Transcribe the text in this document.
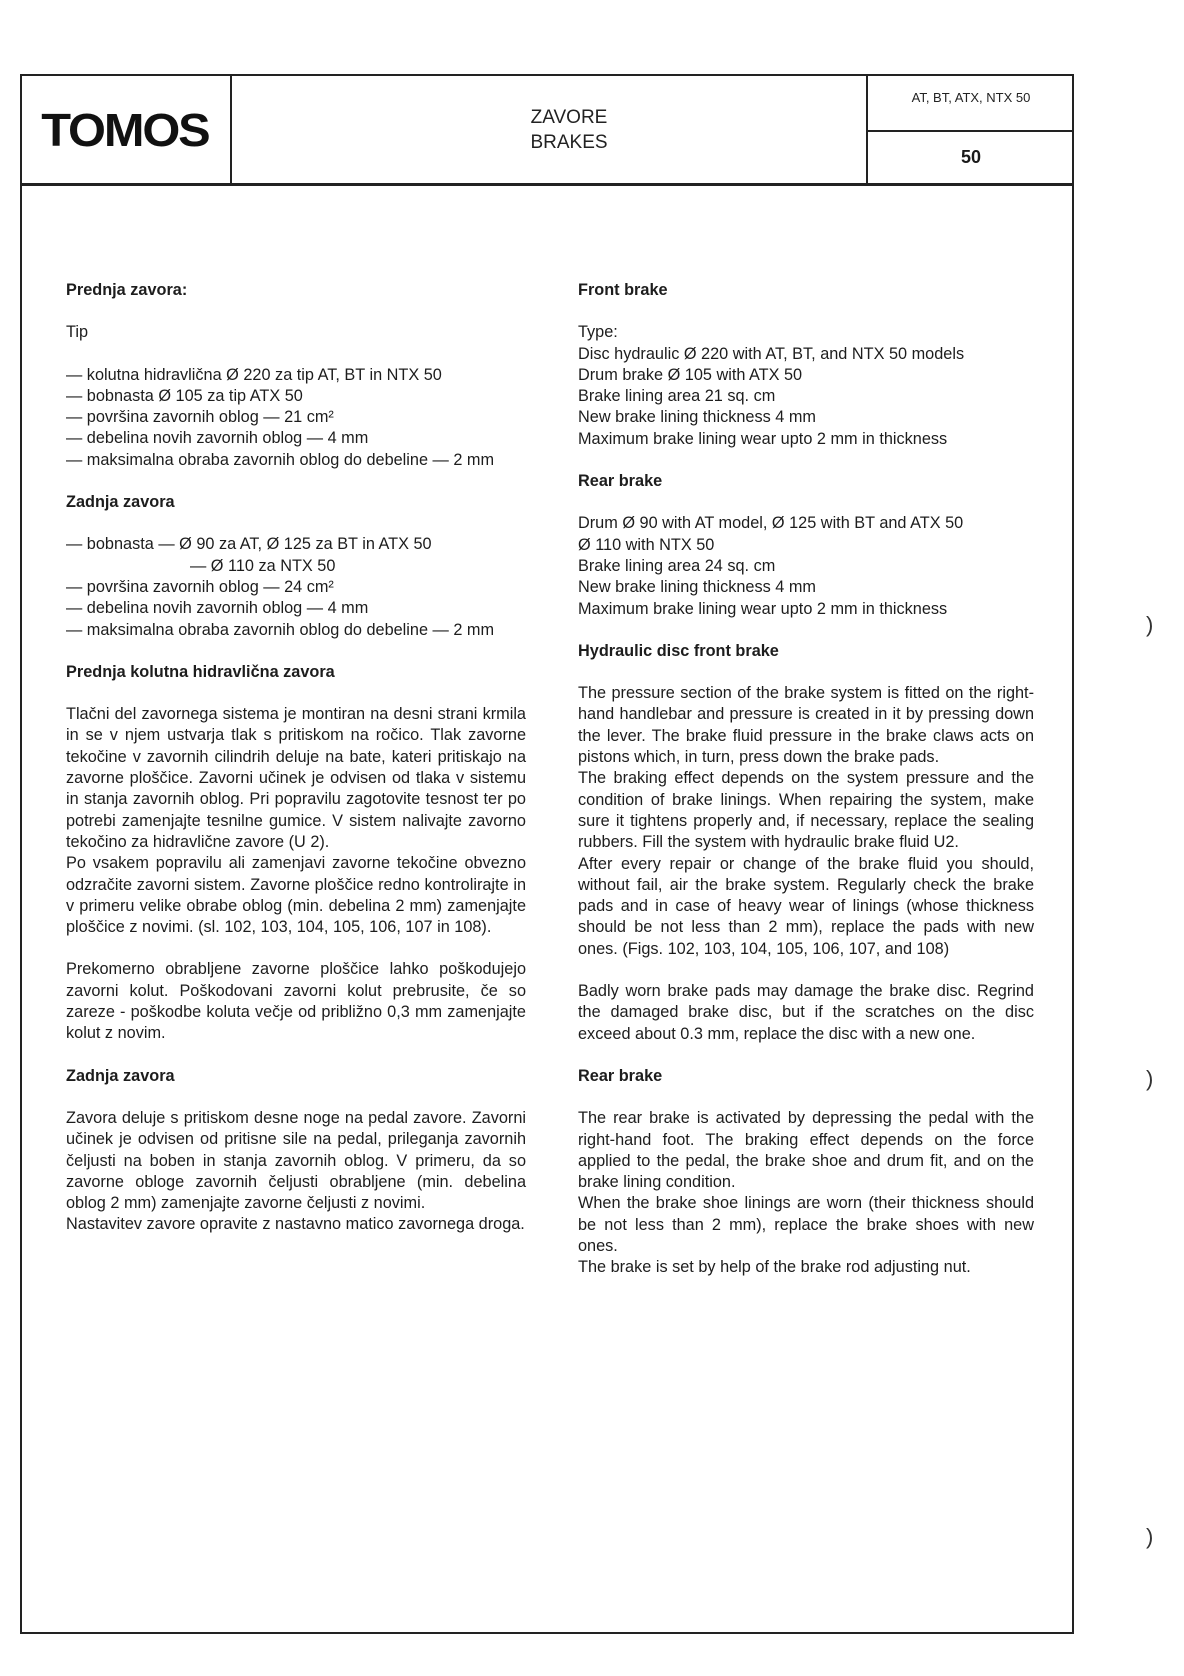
TOMOS	ZAVORE
BRAKES
AT, BT, ATX, NTX 50
50

Prednja zavora:

Tip

— kolutna hidravlična Ø 220 za tip AT, BT in NTX 50

— bobnasta Ø 105 za tip ATX 50

— površina zavornih oblog — 21 cm²

— debelina novih zavornih oblog — 4 mm

— maksimalna obraba zavornih oblog do debeline — 2 mm

Zadnja zavora

— bobnasta — Ø 90 za AT, Ø 125 za BT in ATX 50

— Ø 110 za NTX 50

— površina zavornih oblog — 24 cm²

— debelina novih zavornih oblog — 4 mm

— maksimalna obraba zavornih oblog do debeline — 2 mm

Prednja kolutna hidravlična zavora

Tlačni del zavornega sistema je montiran na desni strani krmila in se v njem ustvarja tlak s pritiskom na ročico. Tlak zavorne tekočine v zavornih cilindrih deluje na bate, kateri pritiskajo na zavorne ploščice. Zavorni učinek je odvisen od tlaka v sistemu in stanja zavornih oblog. Pri popravilu zagotovite tesnost ter po potrebi zamenjajte tesnilne gumice. V sistem nalivajte zavorno tekočino za hidravlične zavore (U 2).

Po vsakem popravilu ali zamenjavi zavorne tekočine obvezno odzračite zavorni sistem. Zavorne ploščice redno kontrolirajte in v primeru velike obrabe oblog (min. debelina 2 mm) zamenjajte ploščice z novimi. (sl. 102, 103, 104, 105, 106, 107 in 108).

Prekomerno obrabljene zavorne ploščice lahko poškodujejo zavorni kolut. Poškodovani zavorni kolut prebrusite, če so zareze - poškodbe koluta večje od približno 0,3 mm zamenjajte kolut z novim.

Zadnja zavora

Zavora deluje s pritiskom desne noge na pedal zavore. Zavorni učinek je odvisen od pritisne sile na pedal, prileganja zavornih čeljusti na boben in stanja zavornih oblog. V primeru, da so zavorne obloge zavornih čeljusti obrabljene (min. debelina oblog 2 mm) zamenjajte zavorne čeljusti z novimi.

Nastavitev zavore opravite z nastavno matico zavornega droga.

Front brake

Type:

Disc hydraulic Ø 220 with AT, BT, and NTX 50 models

Drum brake Ø 105 with ATX 50

Brake lining area 21 sq. cm

New brake lining thickness 4 mm

Maximum brake lining wear upto 2 mm in thickness

Rear brake

Drum Ø 90 with AT model, Ø 125 with BT and ATX 50

Ø 110 with NTX 50

Brake lining area 24 sq. cm

New brake lining thickness 4 mm

Maximum brake lining wear upto 2 mm in thickness

Hydraulic disc front brake

The pressure section of the brake system is fitted on the right-hand handlebar and pressure is created in it by pressing down the lever. The brake fluid pressure in the brake claws acts on pistons which, in turn, press down the brake pads.

The braking effect depends on the system pressure and the condition of brake linings. When repairing the system, make sure it tightens properly and, if necessary, replace the sealing rubbers. Fill the system with hydraulic brake fluid U2.

After every repair or change of the brake fluid you should, without fail, air the brake system. Regularly check the brake pads and in case of heavy wear of linings (whose thickness should be not less than 2 mm), replace the pads with new ones. (Figs. 102, 103, 104, 105, 106, 107, and 108)

Badly worn brake pads may damage the brake disc. Regrind the damaged brake disc, but if the scratches on the disc exceed about 0.3 mm, replace the disc with a new one.

Rear brake

The rear brake is activated by depressing the pedal with the right-hand foot. The braking effect depends on the force applied to the pedal, the brake shoe and drum fit, and on the brake lining condition.

When the brake shoe linings are worn (their thickness should be not less than 2 mm), replace the brake shoes with new ones.

The brake is set by help of the brake rod adjusting nut.

)
)
)
